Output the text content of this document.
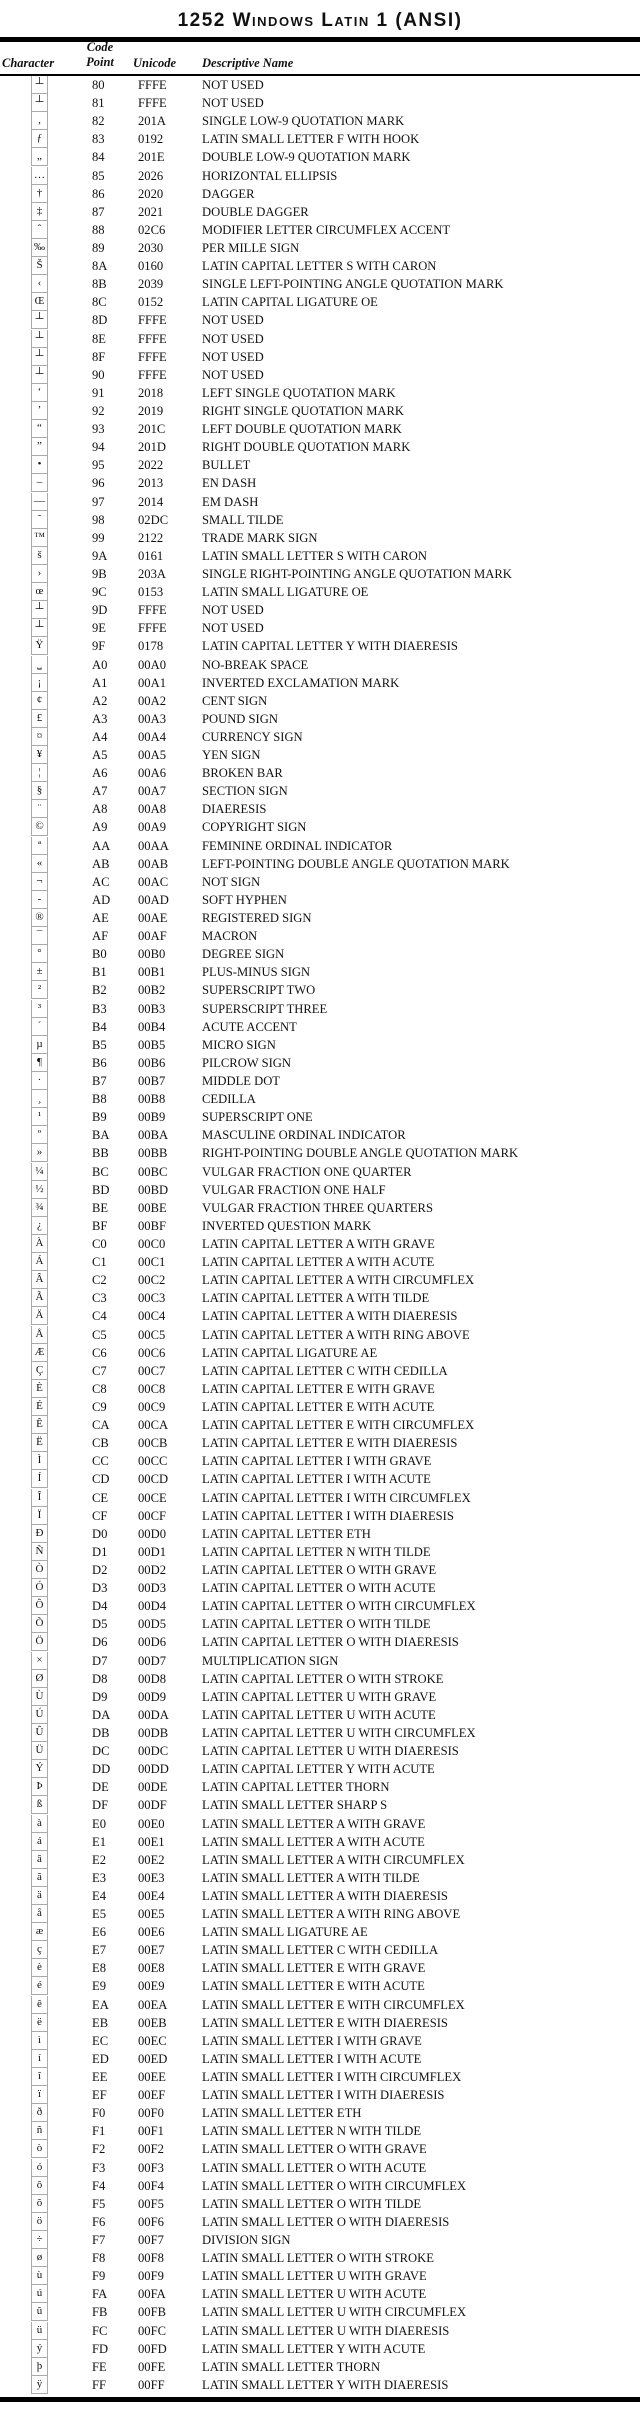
1252 Windows Latin 1 (ANSI)
Character
Code
Point Unicode Descriptive Name
┴	80	FFFE	NOT USED
┴	81	FFFE	NOT USED
‚	82	201A	SINGLE LOW-9 QUOTATION MARK
ƒ	83	0192	LATIN SMALL LETTER F WITH HOOK
„	84	201E	DOUBLE LOW-9 QUOTATION MARK
…	85	2026	HORIZONTAL ELLIPSIS
†	86	2020	DAGGER
‡	87	2021	DOUBLE DAGGER
ˆ	88	02C6	MODIFIER LETTER CIRCUMFLEX ACCENT
‰	89	2030	PER MILLE SIGN
Š	8A 0160	LATIN CAPITAL LETTER S WITH CARON
‹	8B 2039	SINGLE LEFT-POINTING ANGLE QUOTATION MARK
Œ	8C 0152	LATIN CAPITAL LIGATURE OE
┴	8D FFFE	NOT USED
┴	8E	FFFE	NOT USED
┴	8F	FFFE	NOT USED
┴	90	FFFE	NOT USED
‘	91	2018	LEFT SINGLE QUOTATION MARK
’	92	2019	RIGHT SINGLE QUOTATION MARK
“	93	201C	LEFT DOUBLE QUOTATION MARK
”	94	201D	RIGHT DOUBLE QUOTATION MARK
•	95	2022	BULLET
–	96	2013	EN DASH
—	97	2014	EM DASH
˜	98	02DC	SMALL TILDE
™	99	2122	TRADE MARK SIGN
š	9A 0161	LATIN SMALL LETTER S WITH CARON
›	9B 203A	SINGLE RIGHT-POINTING ANGLE QUOTATION MARK
œ	9C 0153	LATIN SMALL LIGATURE OE
┴	9D FFFE	NOT USED
┴	9E	FFFE	NOT USED
Ÿ	9F	0178	LATIN CAPITAL LETTER Y WITH DIAERESIS
⎵	A0 00A0	NO-BREAK SPACE
¡	A1 00A1	INVERTED EXCLAMATION MARK
¢	A2 00A2	CENT SIGN
£	A3 00A3	POUND SIGN
¤	A4 00A4	CURRENCY SIGN
¥	A5 00A5	YEN SIGN
¦	A6 00A6	BROKEN BAR
§	A7 00A7	SECTION SIGN
¨	A8 00A8	DIAERESIS
©	A9 00A9	COPYRIGHT SIGN
ª	AA 00AA	FEMININE ORDINAL INDICATOR
«	AB 00AB	LEFT-POINTING DOUBLE ANGLE QUOTATION MARK
¬	AC 00AC	NOT SIGN
-	AD 00AD	SOFT HYPHEN
®	AE 00AE	REGISTERED SIGN
¯	AF 00AF	MACRON
°	B0 00B0	DEGREE SIGN
±	B1 00B1	PLUS-MINUS SIGN
²	B2 00B2	SUPERSCRIPT TWO
³	B3 00B3	SUPERSCRIPT THREE
´	B4 00B4	ACUTE ACCENT
µ	B5 00B5	MICRO SIGN
¶	B6 00B6	PILCROW SIGN
·	B7 00B7	MIDDLE DOT
¸	B8 00B8	CEDILLA
¹	B9 00B9	SUPERSCRIPT ONE
º	BA 00BA	MASCULINE ORDINAL INDICATOR
»	BB 00BB	RIGHT-POINTING DOUBLE ANGLE QUOTATION MARK
¼	BC 00BC	VULGAR FRACTION ONE QUARTER
½	BD 00BD	VULGAR FRACTION ONE HALF
¾	BE 00BE	VULGAR FRACTION THREE QUARTERS
¿	BF 00BF	INVERTED QUESTION MARK
À	C0 00C0	LATIN CAPITAL LETTER A WITH GRAVE
Á	C1 00C1	LATIN CAPITAL LETTER A WITH ACUTE
Â	C2 00C2	LATIN CAPITAL LETTER A WITH CIRCUMFLEX
Ã	C3 00C3	LATIN CAPITAL LETTER A WITH TILDE
Ä	C4 00C4	LATIN CAPITAL LETTER A WITH DIAERESIS
Å	C5 00C5	LATIN CAPITAL LETTER A WITH RING ABOVE
Æ	C6 00C6	LATIN CAPITAL LIGATURE AE
Ç	C7 00C7	LATIN CAPITAL LETTER C WITH CEDILLA
È	C8 00C8	LATIN CAPITAL LETTER E WITH GRAVE
É	C9 00C9	LATIN CAPITAL LETTER E WITH ACUTE
Ê	CA 00CA	LATIN CAPITAL LETTER E WITH CIRCUMFLEX
Ë	CB 00CB	LATIN CAPITAL LETTER E WITH DIAERESIS
Ì	CC 00CC	LATIN CAPITAL LETTER I WITH GRAVE
Í	CD 00CD	LATIN CAPITAL LETTER I WITH ACUTE
Î	CE 00CE	LATIN CAPITAL LETTER I WITH CIRCUMFLEX
Ï	CF 00CF	LATIN CAPITAL LETTER I WITH DIAERESIS
Ð	D0 00D0	LATIN CAPITAL LETTER ETH
Ñ	D1 00D1	LATIN CAPITAL LETTER N WITH TILDE
Ò	D2 00D2	LATIN CAPITAL LETTER O WITH GRAVE
Ó	D3 00D3	LATIN CAPITAL LETTER O WITH ACUTE
Ô	D4 00D4	LATIN CAPITAL LETTER O WITH CIRCUMFLEX
Õ	D5 00D5	LATIN CAPITAL LETTER O WITH TILDE
Ö	D6 00D6	LATIN CAPITAL LETTER O WITH DIAERESIS
×	D7 00D7	MULTIPLICATION SIGN
Ø	D8 00D8	LATIN CAPITAL LETTER O WITH STROKE
Ù	D9 00D9	LATIN CAPITAL LETTER U WITH GRAVE
Ú	DA 00DA	LATIN CAPITAL LETTER U WITH ACUTE
Û	DB 00DB	LATIN CAPITAL LETTER U WITH CIRCUMFLEX
Ü	DC 00DC	LATIN CAPITAL LETTER U WITH DIAERESIS
Ý	DD 00DD	LATIN CAPITAL LETTER Y WITH ACUTE
Þ	DE 00DE	LATIN CAPITAL LETTER THORN
ß	DF 00DF	LATIN SMALL LETTER SHARP S
à	E0	00E0	LATIN SMALL LETTER A WITH GRAVE
á	E1	00E1	LATIN SMALL LETTER A WITH ACUTE
â	E2	00E2	LATIN SMALL LETTER A WITH CIRCUMFLEX
ã	E3	00E3	LATIN SMALL LETTER A WITH TILDE
ä	E4	00E4	LATIN SMALL LETTER A WITH DIAERESIS
å	E5	00E5	LATIN SMALL LETTER A WITH RING ABOVE
æ	E6	00E6	LATIN SMALL LIGATURE AE
ç	E7	00E7	LATIN SMALL LETTER C WITH CEDILLA
è	E8	00E8	LATIN SMALL LETTER E WITH GRAVE
é	E9	00E9	LATIN SMALL LETTER E WITH ACUTE
ê	EA 00EA	LATIN SMALL LETTER E WITH CIRCUMFLEX
ë	EB 00EB	LATIN SMALL LETTER E WITH DIAERESIS
ì	EC 00EC	LATIN SMALL LETTER I WITH GRAVE
í	ED 00ED	LATIN SMALL LETTER I WITH ACUTE
î	EE 00EE	LATIN SMALL LETTER I WITH CIRCUMFLEX
ï	EF 00EF	LATIN SMALL LETTER I WITH DIAERESIS
ð	F0	00F0	LATIN SMALL LETTER ETH
ñ	F1	00F1	LATIN SMALL LETTER N WITH TILDE
ò	F2	00F2	LATIN SMALL LETTER O WITH GRAVE
ó	F3	00F3	LATIN SMALL LETTER O WITH ACUTE
ô	F4	00F4	LATIN SMALL LETTER O WITH CIRCUMFLEX
õ	F5	00F5	LATIN SMALL LETTER O WITH TILDE
ö	F6	00F6	LATIN SMALL LETTER O WITH DIAERESIS
÷	F7	00F7	DIVISION SIGN
ø	F8	00F8	LATIN SMALL LETTER O WITH STROKE
ù	F9	00F9	LATIN SMALL LETTER U WITH GRAVE
ú	FA 00FA	LATIN SMALL LETTER U WITH ACUTE
û	FB 00FB	LATIN SMALL LETTER U WITH CIRCUMFLEX
ü	FC 00FC	LATIN SMALL LETTER U WITH DIAERESIS
ý	FD 00FD	LATIN SMALL LETTER Y WITH ACUTE
þ	FE 00FE	LATIN SMALL LETTER THORN
ÿ	FF	00FF	LATIN SMALL LETTER Y WITH DIAERESIS
